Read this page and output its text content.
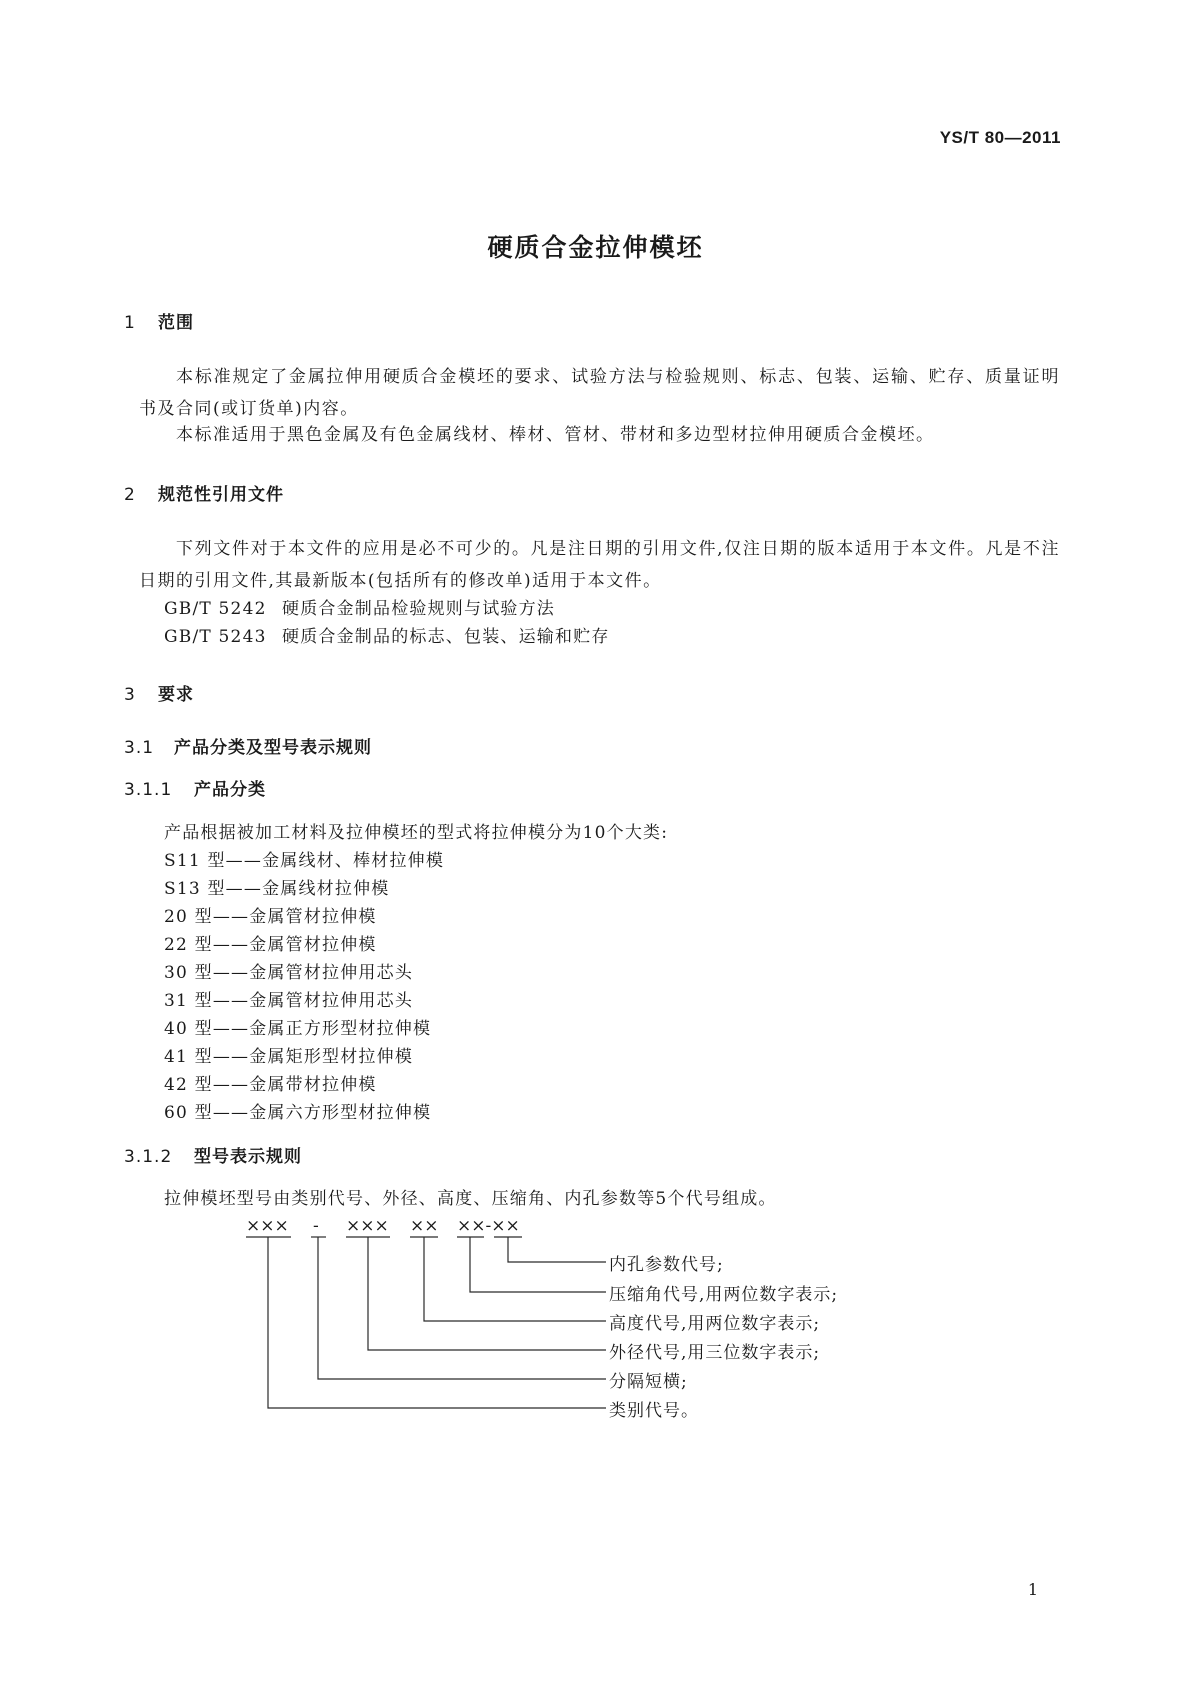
YS/T 80—2011
硬质合金拉伸模坯
1 范围
本标准规定了金属拉伸用硬质合金模坯的要求、试验方法与检验规则、标志、包装、运输、贮存、质量证明书及合同(或订货单)内容。
本标准适用于黑色金属及有色金属线材、棒材、管材、带材和多边型材拉伸用硬质合金模坯。
2 规范性引用文件
下列文件对于本文件的应用是必不可少的。凡是注日期的引用文件,仅注日期的版本适用于本文件。凡是不注日期的引用文件,其最新版本(包括所有的修改单)适用于本文件。
GB/T 5242 硬质合金制品检验规则与试验方法
GB/T 5243 硬质合金制品的标志、包装、运输和贮存
3 要求
3.1 产品分类及型号表示规则
3.1.1 产品分类
产品根据被加工材料及拉伸模坯的型式将拉伸模分为10个大类:
S11 型——金属线材、棒材拉伸模
S13 型——金属线材拉伸模
20 型——金属管材拉伸模
22 型——金属管材拉伸模
30 型——金属管材拉伸用芯头
31 型——金属管材拉伸用芯头
40 型——金属正方形型材拉伸模
41 型——金属矩形型材拉伸模
42 型——金属带材拉伸模
60 型——金属六方形型材拉伸模
3.1.2 型号表示规则
拉伸模坯型号由类别代号、外径、高度、压缩角、内孔参数等5个代号组成。
××× - ××× ×× ××-××
内孔参数代号;
压缩角代号,用两位数字表示;
高度代号,用两位数字表示;
外径代号,用三位数字表示;
分隔短横;
类别代号。
1
